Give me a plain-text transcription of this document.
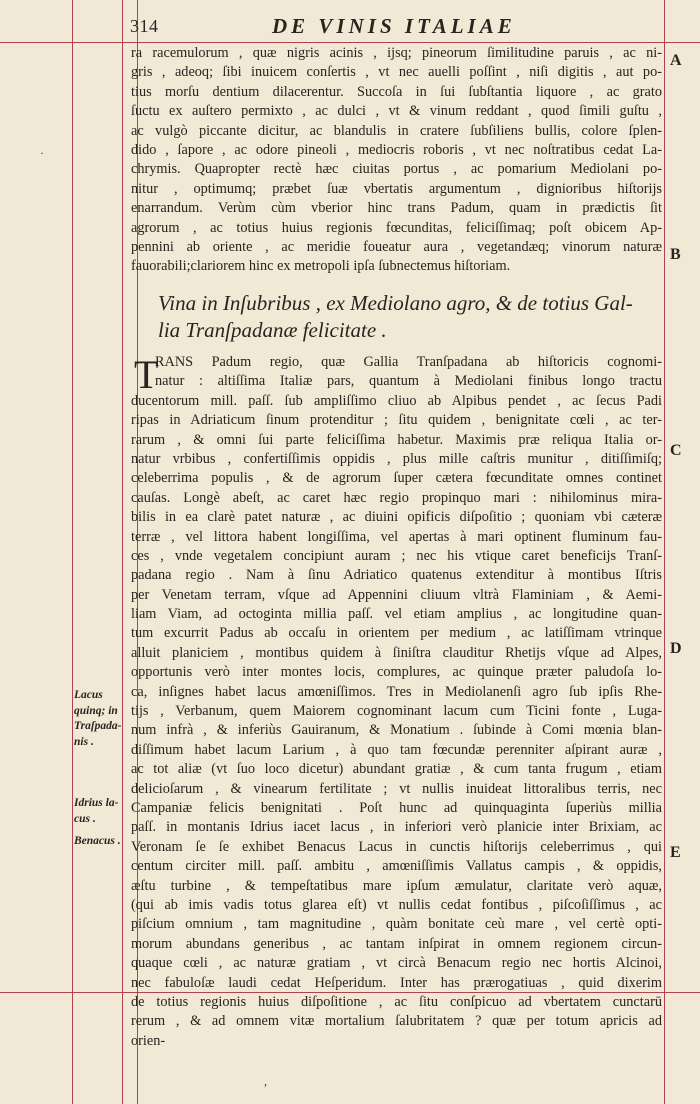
314	DE VINIS ITALIAE
ra racemulorum , quæ nigris acinis , ijsq; pineorum ſimilitudine paruis , ac ni-
gris , adeoq; ſibi inuicem conſertis , vt nec auelli poſſint , niſi digitis , aut po-
tius morſu dentium dilacerentur. Succoſa in ſui ſubſtantia liquore , ac grato
ſuctu ex auſtero permixto , ac dulci , vt & vinum reddant , quod ſimili guſtu ,
ac vulgò piccante dicitur, ac blandulis in cratere ſubſiliens bullis, colore ſplen-
dido , ſapore , ac odore pineoli , mediocris roboris , vt nec noſtratibus cedat La-
chrymis. Quapropter rectè hæc ciuitas portus , ac pomarium Mediolani po-
nitur , optimumq; præbet ſuæ vbertatis argumentum , dignioribus hiſtorijs
enarrandum. Verùm cùm vberior hinc trans Padum, quam in prædictis ſit
agrorum , ac totius huius regionis fœcunditas, feliciſſimaq; poſt obicem Ap-
pennini ab oriente , ac meridie foueatur aura , vegetandæq; vinorum naturæ
fauorabili;clariorem hinc ex metropoli ipſa ſubnectemus hiſtoriam.
Vina in Inſubribus , ex Mediolano agro, & de totius Gal-
lia Tranſpadanæ felicitate .
T
RANS Padum regio, quæ Gallia Tranſpadana ab hiſtoricis cognomi-
natur : altiſſima Italiæ pars, quantum à Mediolani finibus longo tractu
ducentorum mill. paſſ. ſub ampliſſimo cliuo ab Alpibus pendet , ac ſecus Padi
ripas in Adriaticum ſinum protenditur ; ſitu quidem , benignitate cœli , ac ter-
rarum , & omni ſui parte feliciſſima habetur. Maximis præ reliqua Italia or-
natur vrbibus , confertiſſimis oppidis , plus mille caſtris munitur , ditiſſimiſq;
celeberrima populis , & de agrorum ſuper cætera fœcunditate omnes continet
cauſas. Longè abeſt, ac caret hæc regio propinquo mari : nihilominus mira-
bilis in ea clarè patet naturæ , ac diuini opificis diſpoſitio ; quoniam vbi cæteræ
terræ , vel littora habent longiſſima, vel apertas à mari optinent fluminum fau-
ces , vnde vegetalem concipiunt auram ; nec his vtique caret beneficijs Tranſ-
padana regio . Nam à ſinu Adriatico quatenus extenditur à montibus Iſtris
per Venetam terram, vſque ad Appennini cliuum vltrà Flaminiam , & Aemi-
liam Viam, ad octoginta millia paſſ. vel etiam amplius , ac longitudine quan-
tum excurrit Padus ab occaſu in orientem per medium , ac latiſſimam vtrinque
alluit planiciem , montibus quidem à ſiniſtra clauditur Rhetijs vſque ad Alpes,
opportunis verò inter montes locis, complures, ac quinque præter paludoſa lo-
ca, inſignes habet lacus amœniſſimos. Tres in Mediolanenſi agro ſub ipſis Rhe-
tijs , Verbanum, quem Maiorem cognominant lacum cum Ticini fonte , Luga-
num infrà , & inferiùs Gauiranum, & Monatium . ſubinde à Comi mœnia blan-
diſſimum habet lacum Larium , à quo tam fœcundæ perenniter aſpirant auræ ,
ac tot aliæ (vt ſuo loco dicetur) abundant gratiæ , & cum tanta frugum , etiam
delicioſarum , & vinearum fertilitate ; vt nullis inuideat littoralibus terris, nec
Campaniæ felicis benignitati . Poſt hunc ad quinquaginta ſuperiùs millia
paſſ. in montanis Idrius iacet lacus , in inferiori verò planicie inter Brixiam, ac
Veronam ſe ſe exhibet Benacus Lacus in cunctis hiſtorijs celeberrimus , qui
centum circiter mill. paſſ. ambitu , amœniſſimis Vallatus campis , & oppidis,
æſtu turbine , & tempeſtatibus mare ipſum æmulatur, claritate verò aquæ,
(qui ab imis vadis totus glarea eſt) vt nullis cedat fontibus , piſcoſiſſimus , ac
piſcium omnium , tam magnitudine , quàm bonitate ceù mare , vel certè opti-
morum abundans generibus , ac tantam inſpirat in omnem regionem circun-
quaque cœli , ac naturæ gratiam , vt circà Benacum regio nec hortis Alcinoi,
nec fabuloſæ laudi cedat Heſperidum. Inter has prærogatiuas , quid dixerim
de totius regionis huius diſpoſitione , ac ſitu conſpicuo ad vbertatem cunctarū
rerum , & ad omnem vitæ mortalium ſalubritatem ? quæ per totum apricis ad
orien-
Lacus
quinq; in
Traſpada-
nis .
Idrius la-
cus .
Benacus .
A
B
C
D
E
·
,
